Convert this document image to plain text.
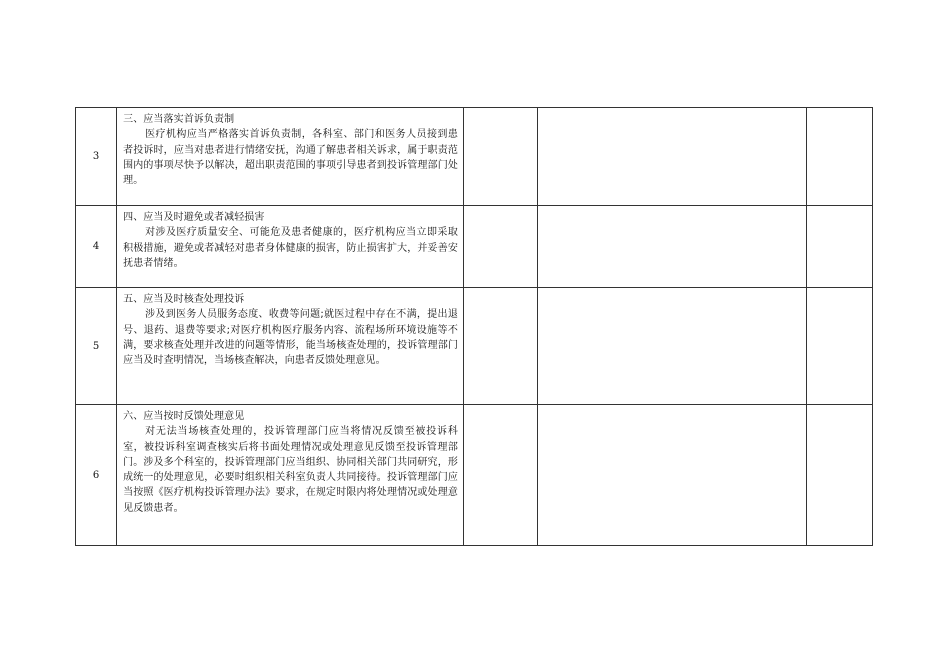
3	三、应当落实首诉负责制
医疗机构应当严格落实首诉负责制，各科室、部门和医务人员接到患者投诉时，应当对患者进行情绪安抚，沟通了解患者相关诉求，属于职责范围内的事项尽快予以解决，超出职责范围的事项引导患者到投诉管理部门处理。			

4	四、应当及时避免或者减轻损害
对涉及医疗质量安全、可能危及患者健康的，医疗机构应当立即采取积极措施，避免或者减轻对患者身体健康的损害，防止损害扩大，并妥善安抚患者情绪。			

5	五、应当及时核查处理投诉
涉及到医务人员服务态度、收费等问题;就医过程中存在不满，提出退号、退药、退费等要求;对医疗机构医疗服务内容、流程场所环境设施等不满，要求核查处理并改进的问题等情形，能当场核查处理的，投诉管理部门应当及时查明情况，当场核查解决，向患者反馈处理意见。			

6	六、应当按时反馈处理意见
对无法当场核查处理的，投诉管理部门应当将情况反馈至被投诉科室，被投诉科室调查核实后将书面处理情况或处理意见反馈至投诉管理部门。涉及多个科室的，投诉管理部门应当组织、协同相关部门共同研究，形成统一的处理意见，必要时组织相关科室负责人共同接待。投诉管理部门应当按照《医疗机构投诉管理办法》要求，在规定时限内将处理情况或处理意见反馈患者。			
